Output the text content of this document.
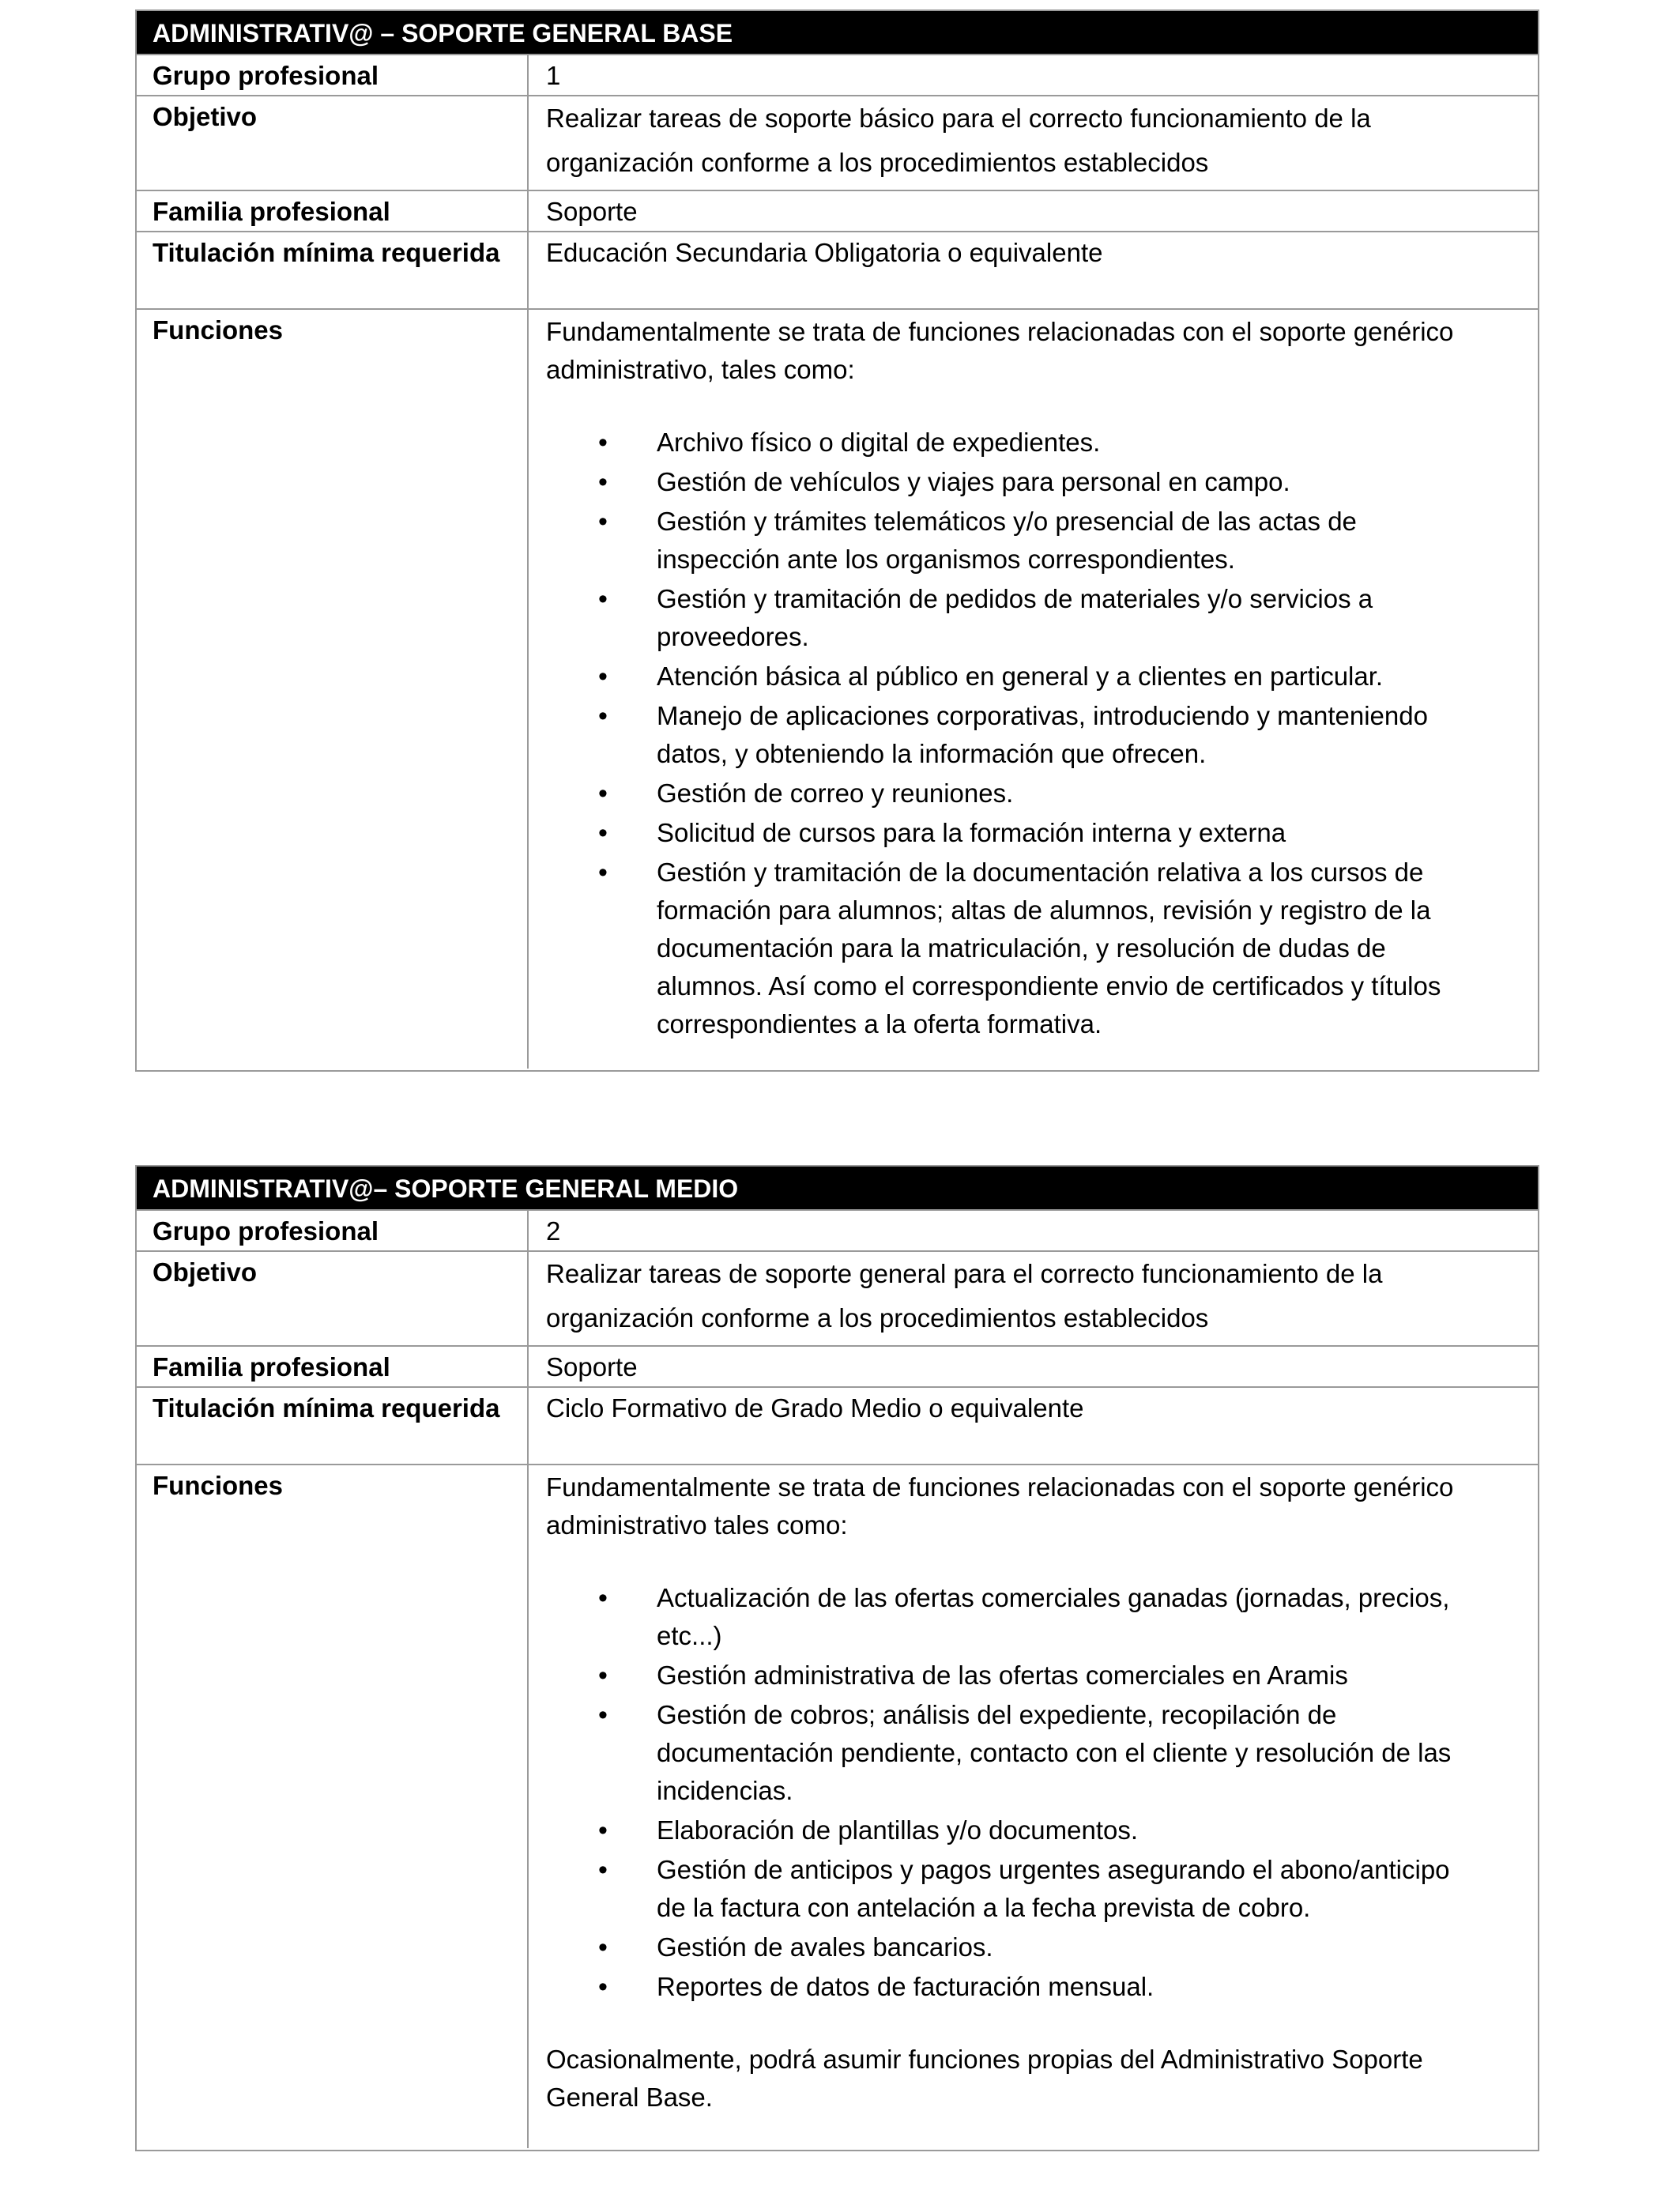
ADMINISTRATIV@ – SOPORTE GENERAL BASE
Grupo profesional	1
Objetivo	Realizar tareas de soporte básico para el correcto funcionamiento de la organización conforme a los procedimientos establecidos
Familia profesional	Soporte
Titulación mínima requerida	Educación Secundaria Obligatoria o equivalente
Funciones	Fundamentalmente se trata de funciones relacionadas con el soporte genérico administrativo, tales como:

• Archivo físico o digital de expedientes.
• Gestión de vehículos y viajes para personal en campo.
• Gestión y trámites telemáticos y/o presencial de las actas de inspección ante los organismos correspondientes.
• Gestión y tramitación de pedidos de materiales y/o servicios a proveedores.
• Atención básica al público en general y a clientes en particular.
• Manejo de aplicaciones corporativas, introduciendo y manteniendo datos, y obteniendo la información que ofrecen.
• Gestión de correo y reuniones.
• Solicitud de cursos para la formación interna y externa
• Gestión y tramitación de la documentación relativa a los cursos de formación para alumnos; altas de alumnos, revisión y registro de la documentación para la matriculación, y resolución de dudas de alumnos. Así como el correspondiente envio de certificados y títulos correspondientes a la oferta formativa.
ADMINISTRATIV@– SOPORTE GENERAL MEDIO
Grupo profesional	2
Objetivo	Realizar tareas de soporte general para el correcto funcionamiento de la organización conforme a los procedimientos establecidos
Familia profesional	Soporte
Titulación mínima requerida	Ciclo Formativo de Grado Medio o equivalente
Funciones	Fundamentalmente se trata de funciones relacionadas con el soporte genérico administrativo tales como:

• Actualización de las ofertas comerciales ganadas (jornadas, precios, etc...)
• Gestión administrativa de las ofertas comerciales en Aramis
• Gestión de cobros; análisis del expediente, recopilación de documentación pendiente, contacto con el cliente y resolución de las incidencias.
• Elaboración de plantillas y/o documentos.
• Gestión de anticipos y pagos urgentes asegurando el abono/anticipo de la factura con antelación a la fecha prevista de cobro.
• Gestión de avales bancarios.
• Reportes de datos de facturación mensual.
Ocasionalmente, podrá asumir funciones propias del Administrativo Soporte General Base.
